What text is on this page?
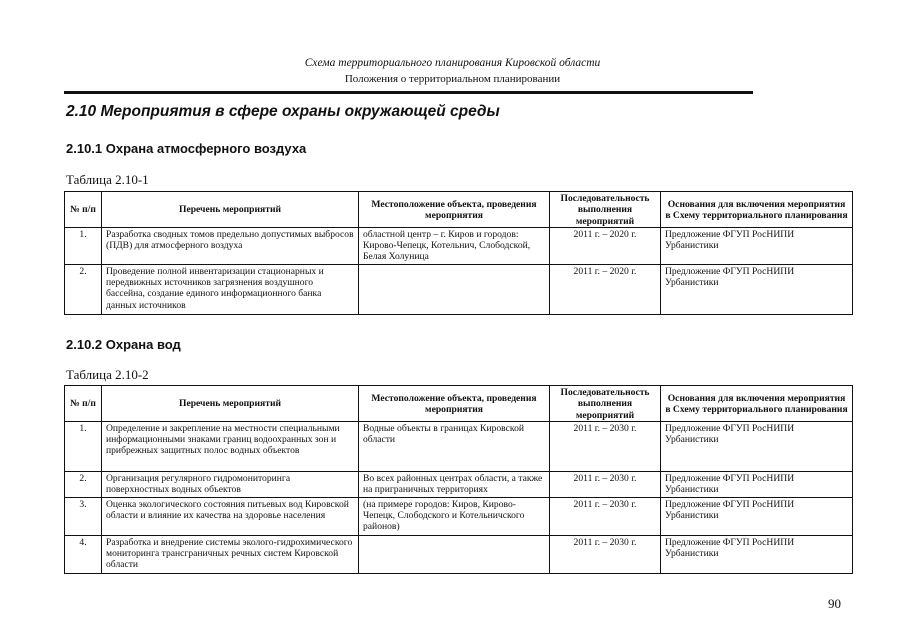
Схема территориального планирования Кировской области
Положения о территориальном планировании
2.10 Мероприятия в сфере охраны окружающей среды
2.10.1 Охрана атмосферного воздуха
Таблица 2.10-1
№ п/п	Перечень мероприятий	Местоположение объекта, проведения мероприятия	Последовательность выполнения мероприятий	Основания для включения мероприятия в Схему территориального планирования
1.	Разработка сводных томов предельно допустимых выбросов (ПДВ) для атмосферного воздуха	областной центр – г. Киров и городов: Кирово-Чепецк, Котельнич, Слободской, Белая Холуница	2011 г. – 2020 г.	Предложение ФГУП РосНИПИ Урбанистики
2.	Проведение полной инвентаризации стационарных и передвижных источников загрязнения воздушного бассейна, создание единого информационного банка данных источников		2011 г. – 2020 г.	Предложение ФГУП РосНИПИ Урбанистики
2.10.2 Охрана вод
Таблица 2.10-2
№ п/п	Перечень мероприятий	Местоположение объекта, проведения мероприятия	Последовательность выполнения мероприятий	Основания для включения мероприятия в Схему территориального планирования
1.	Определение и закрепление на местности специальными информационными знаками границ водоохранных зон и прибрежных защитных полос водных объектов	Водные объекты в границах Кировской области	2011 г. – 2030 г.	Предложение ФГУП РосНИПИ Урбанистики
2.	Организация регулярного гидромониторинга поверхностных водных объектов	Во всех районных центрах области, а также на приграничных территориях	2011 г. – 2030 г.	Предложение ФГУП РосНИПИ Урбанистики
3.	Оценка экологического состояния питьевых вод Кировской области и влияние их качества на здоровье населения	(на примере городов: Киров, Кирово-Чепецк, Слободского и Котельничского районов)	2011 г. – 2030 г.	Предложение ФГУП РосНИПИ Урбанистики
4.	Разработка и внедрение системы эколого-гидрохимического мониторинга трансграничных речных систем Кировской области		2011 г. – 2030 г.	Предложение ФГУП РосНИПИ Урбанистики
90
